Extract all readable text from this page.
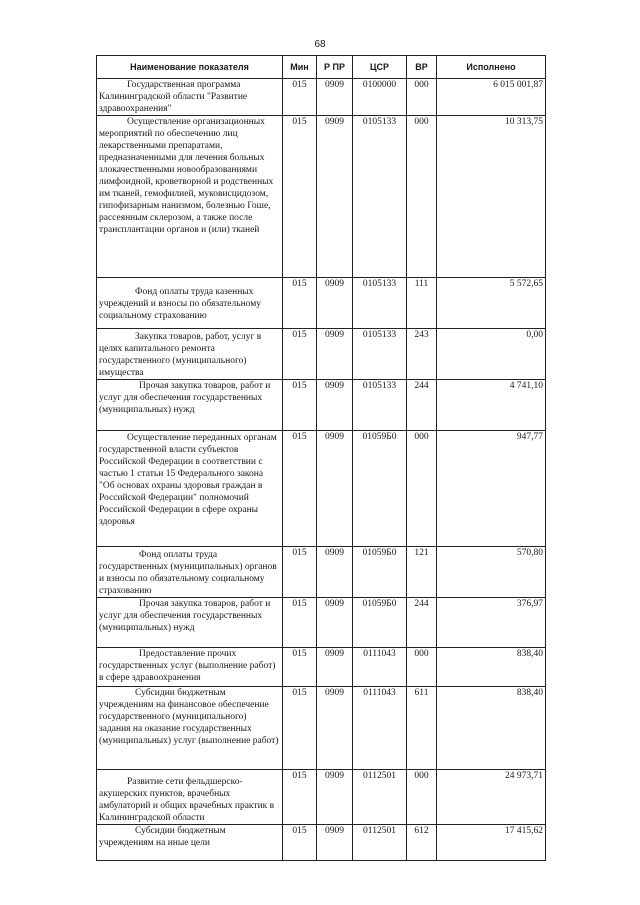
68
Наименование показателя	Мин	Р ПР	ЦСР	ВР	Исполнено

Государственная программа Калининградской области "Развитие здравоохранения"	015	0909	0100000	000	6 015 001,87

Осуществление организационных мероприятий по обеспечению лиц лекарственными препаратами, предназначенными для лечения больных злокачественными новообразованиями лимфоидной, кроветворной и родственных им тканей, гемофилией, муковисцидозом, гипофизарным нанизмом, болезнью Гоше, рассеянным склерозом, а также после трансплантации органов и (или) тканей	015	0909	0105133	000	10 313,75

Фонд оплаты труда казенных учреждений и взносы по обязательному социальному страхованию	015	0909	0105133	111	5 572,65

Закупка товаров, работ, услуг в целях капитального ремонта государственного (муниципального) имущества	015	0909	0105133	243	0,00

Прочая закупка товаров, работ и услуг для обеспечения государственных (муниципальных) нужд	015	0909	0105133	244	4 741,10

Осуществление переданных органам государственной власти субъектов Российской Федерации в соответствии с частью 1 статьи 15 Федерального закона "Об основах охраны здоровья граждан в Российской Федерации" полномочий Российской Федерации в сфере охраны здоровья	015	0909	01059Б0	000	947,77

Фонд оплаты труда государственных (муниципальных) органов и взносы по обязательному социальному страхованию	015	0909	01059Б0	121	570,80

Прочая закупка товаров, работ и услуг для обеспечения государственных (муниципальных) нужд	015	0909	01059Б0	244	376,97

Предоставление прочих государственных услуг (выполнение работ) в сфере здравоохранения	015	0909	0111043	000	838,40

Субсидии бюджетным учреждениям на финансовое обеспечение государственного (муниципального) задания на оказание государственных (муниципальных) услуг (выполнение работ)	015	0909	0111043	611	838,40

Развитие сети фельдшерско-акушерских пунктов, врачебных амбулаторий и общих врачебных практик в Калининградской области	015	0909	0112501	000	24 973,71

Субсидии бюджетным учреждениям на иные цели	015	0909	0112501	612	17 415,62
